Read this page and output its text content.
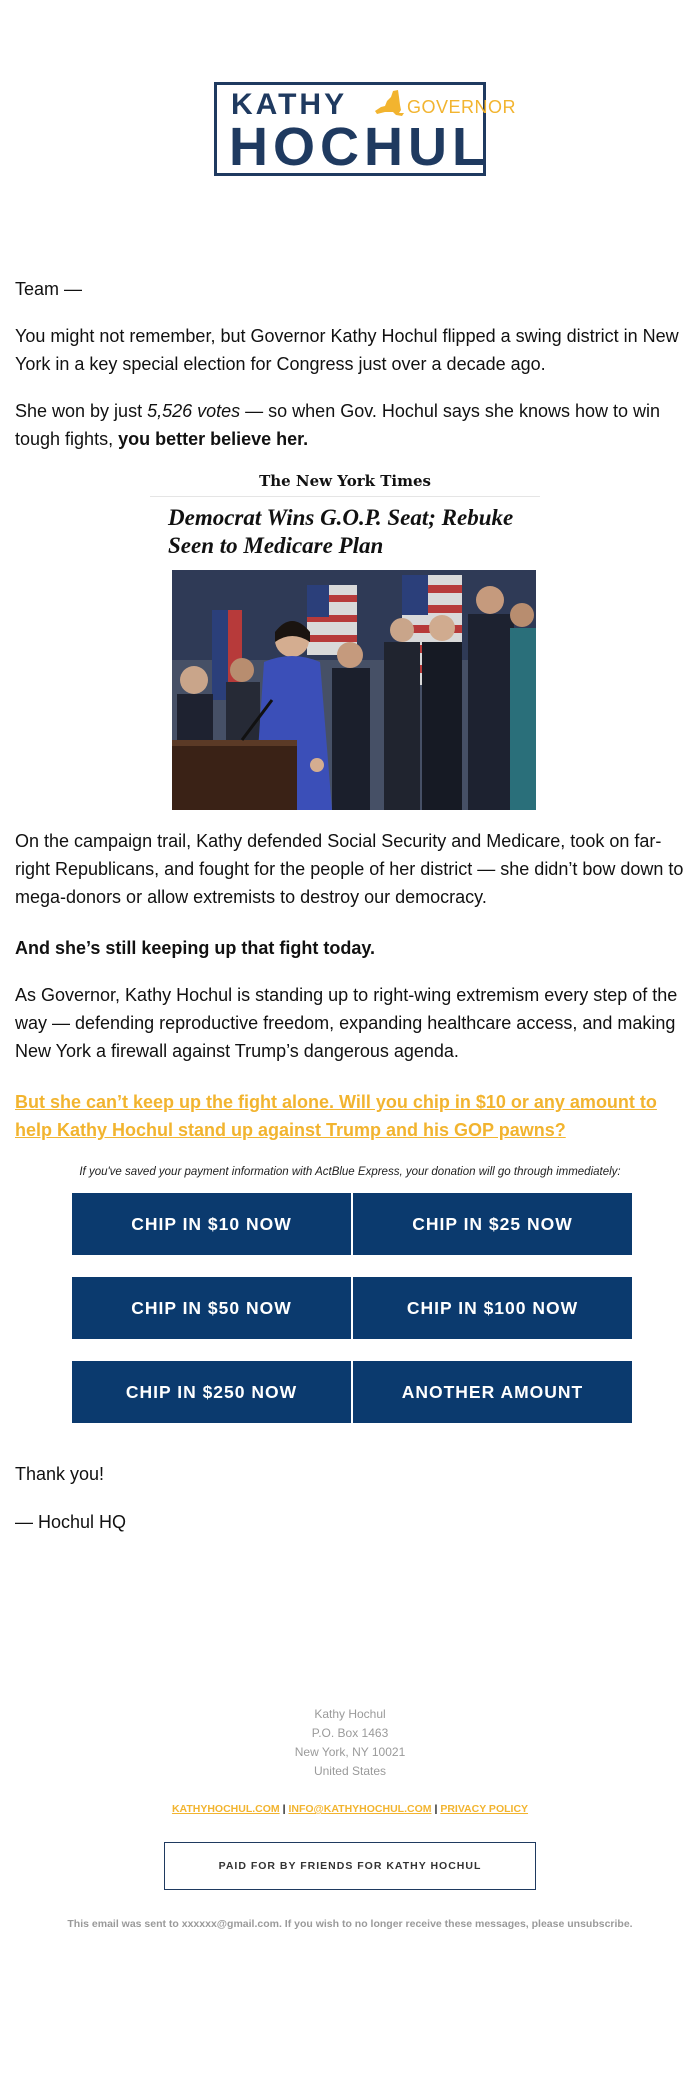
KATHY	GOVERNOR
HOCHUL
Team —
You might not remember, but Governor Kathy Hochul flipped a swing district in New York in a key special election for Congress just over a decade ago.
She won by just 5,526 votes — so when Gov. Hochul says she knows how to win tough fights, you better believe her.
The New York Times
Democrat Wins G.O.P. Seat; Rebuke Seen to Medicare Plan
On the campaign trail, Kathy defended Social Security and Medicare, took on far-right Republicans, and fought for the people of her district — she didn’t bow down to mega-donors or allow extremists to destroy our democracy.
And she’s still keeping up that fight today.
As Governor, Kathy Hochul is standing up to right-wing extremism every step of the way — defending reproductive freedom, expanding healthcare access, and making New York a firewall against Trump’s dangerous agenda.
But she can’t keep up the fight alone. Will you chip in $10 or any amount to help Kathy Hochul stand up against Trump and his GOP pawns?
If you've saved your payment information with ActBlue Express, your donation will go through immediately:
CHIP IN $10 NOW	CHIP IN $25 NOW
CHIP IN $50 NOW	CHIP IN $100 NOW
CHIP IN $250 NOW	ANOTHER AMOUNT
Thank you!
— Hochul HQ
Kathy Hochul
P.O. Box 1463
New York, NY 10021
United States
KATHYHOCHUL.COM | INFO@KATHYHOCHUL.COM | PRIVACY POLICY
PAID FOR BY FRIENDS FOR KATHY HOCHUL
This email was sent to xxxxxx@gmail.com. If you wish to no longer receive these messages, please unsubscribe.
